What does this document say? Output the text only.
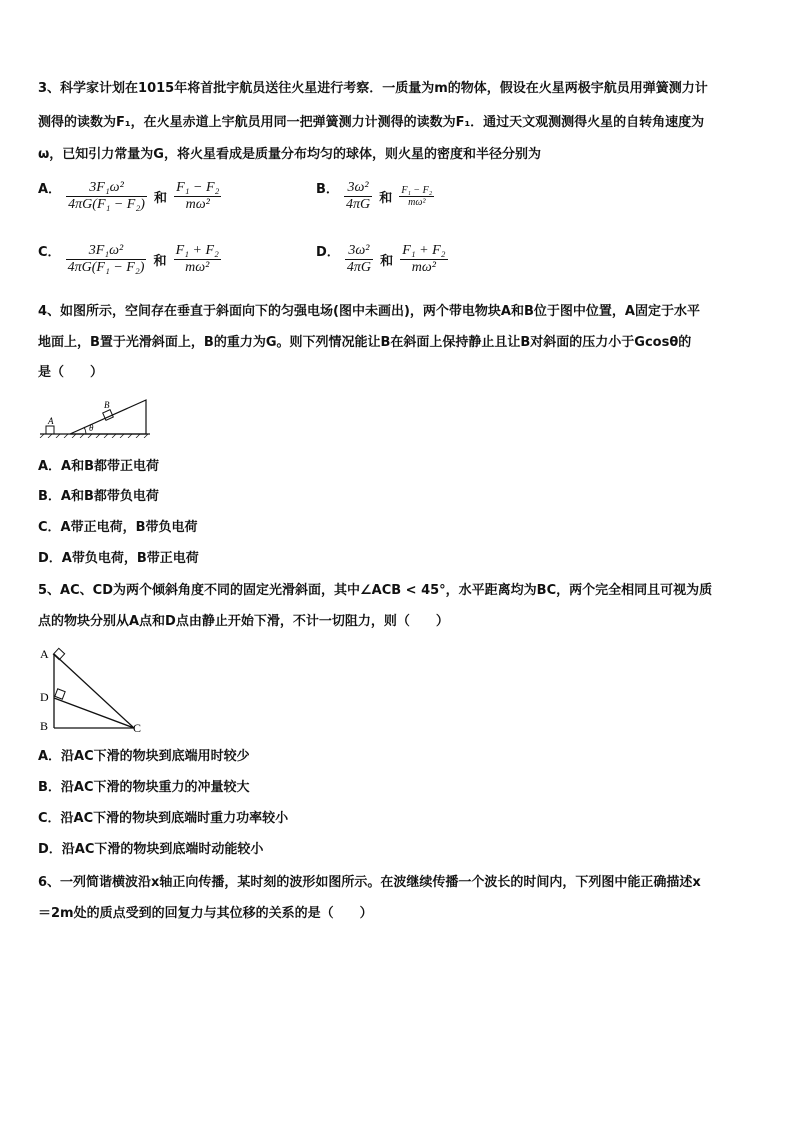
3、科学家计划在1015年将首批宇航员送往火星进行考察．一质量为m的物体，假设在火星两极宇航员用弹簧测力计
测得的读数为F₁，在火星赤道上宇航员用同一把弹簧测力计测得的读数为F₁．通过天文观测测得火星的自转角速度为
ω，已知引力常量为G，将火星看成是质量分布均匀的球体，则火星的密度和半径分别为
$^{A.} \frac{\text{3F₁ω²}}{\text{4πG(F₁ − F₂)}}$ 和 $\frac{\text{F₁ − F₂}}{\text{mω²}}$	$^{B.} \frac{\text{3ω²}}{4\pi G}$ 和 $\frac{\text{F₁ − F₂}}{\text{mω²}}$
$^{C.} \frac{\text{3F₁ω²}}{\text{4πG(F₁ − F₂)}}$ 和 $\frac{\text{F₁ + F₂}}{\text{mω²}}$	$^{D.} \frac{\text{3ω²}}{4\pi G}$ 和 $\frac{\text{F₁ + F₂}}{\text{mω²}}$
4、如图所示，空间存在垂直于斜面向下的匀强电场(图中未画出)，两个带电物块A和B位于图中位置，A固定于水平
地面上，B置于光滑斜面上，B的重力为G。则下列情况能让B在斜面上保持静止且让B对斜面的压力小于Gcosθ的
是（　　）
A
B
θ
A．A和B都带正电荷
B．A和B都带负电荷
C．A带正电荷，B带负电荷
D．A带负电荷，B带正电荷
5、AC、CD为两个倾斜角度不同的固定光滑斜面，其中∠ACB < 45°，水平距离均为BC，两个完全相同且可视为质
点的物块分别从A点和D点由静止开始下滑，不计一切阻力，则（　　）
A
D
B	C
A．沿AC下滑的物块到底端用时较少
B．沿AC下滑的物块重力的冲量较大
C．沿AC下滑的物块到底端时重力功率较小
D．沿AC下滑的物块到底端时动能较小
6、一列简谐横波沿x轴正向传播，某时刻的波形如图所示。在波继续传播一个波长的时间内，下列图中能正确描述x
＝2m处的质点受到的回复力与其位移的关系的是（　　）
